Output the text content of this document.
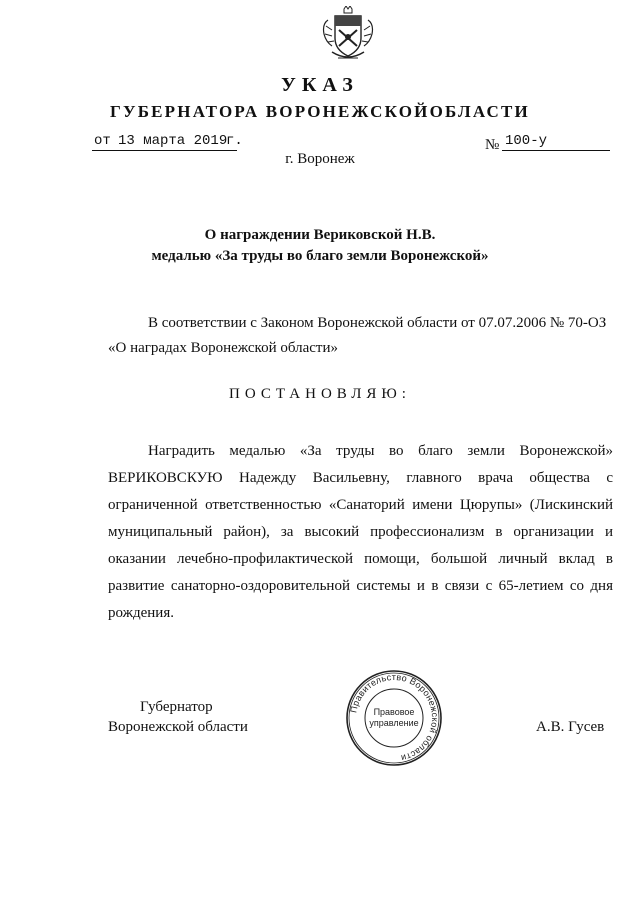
УКАЗ
ГУБЕРНАТОРА ВОРОНЕЖСКОЙОБЛАСТИ
от 13 марта 2019
г.	№ 100-у
г. Воронеж
О награждении Вериковской Н.В.
медалью «За труды во благо земли Воронежской»
В соответствии с Законом Воронежской области от 07.07.2006 № 70-ОЗ
«О наградах Воронежской области»
ПОСТАНОВЛЯЮ:
Наградить медалью «За труды во благо земли Воронежской» ВЕРИКОВСКУЮ Надежду Васильевну, главного врача общества с ограниченной ответственностью «Санаторий имени Цюрупы» (Лискинский муниципальный район), за высокий профессионализм в организации и оказании лечебно-профилактической помощи, большой личный вклад в развитие санаторно-оздоровительной системы и в связи с 65-летием со дня рождения.
Губернатор
Воронежской области
Правительство Воронежской области
Правовое
управление	А.В. Гусев
